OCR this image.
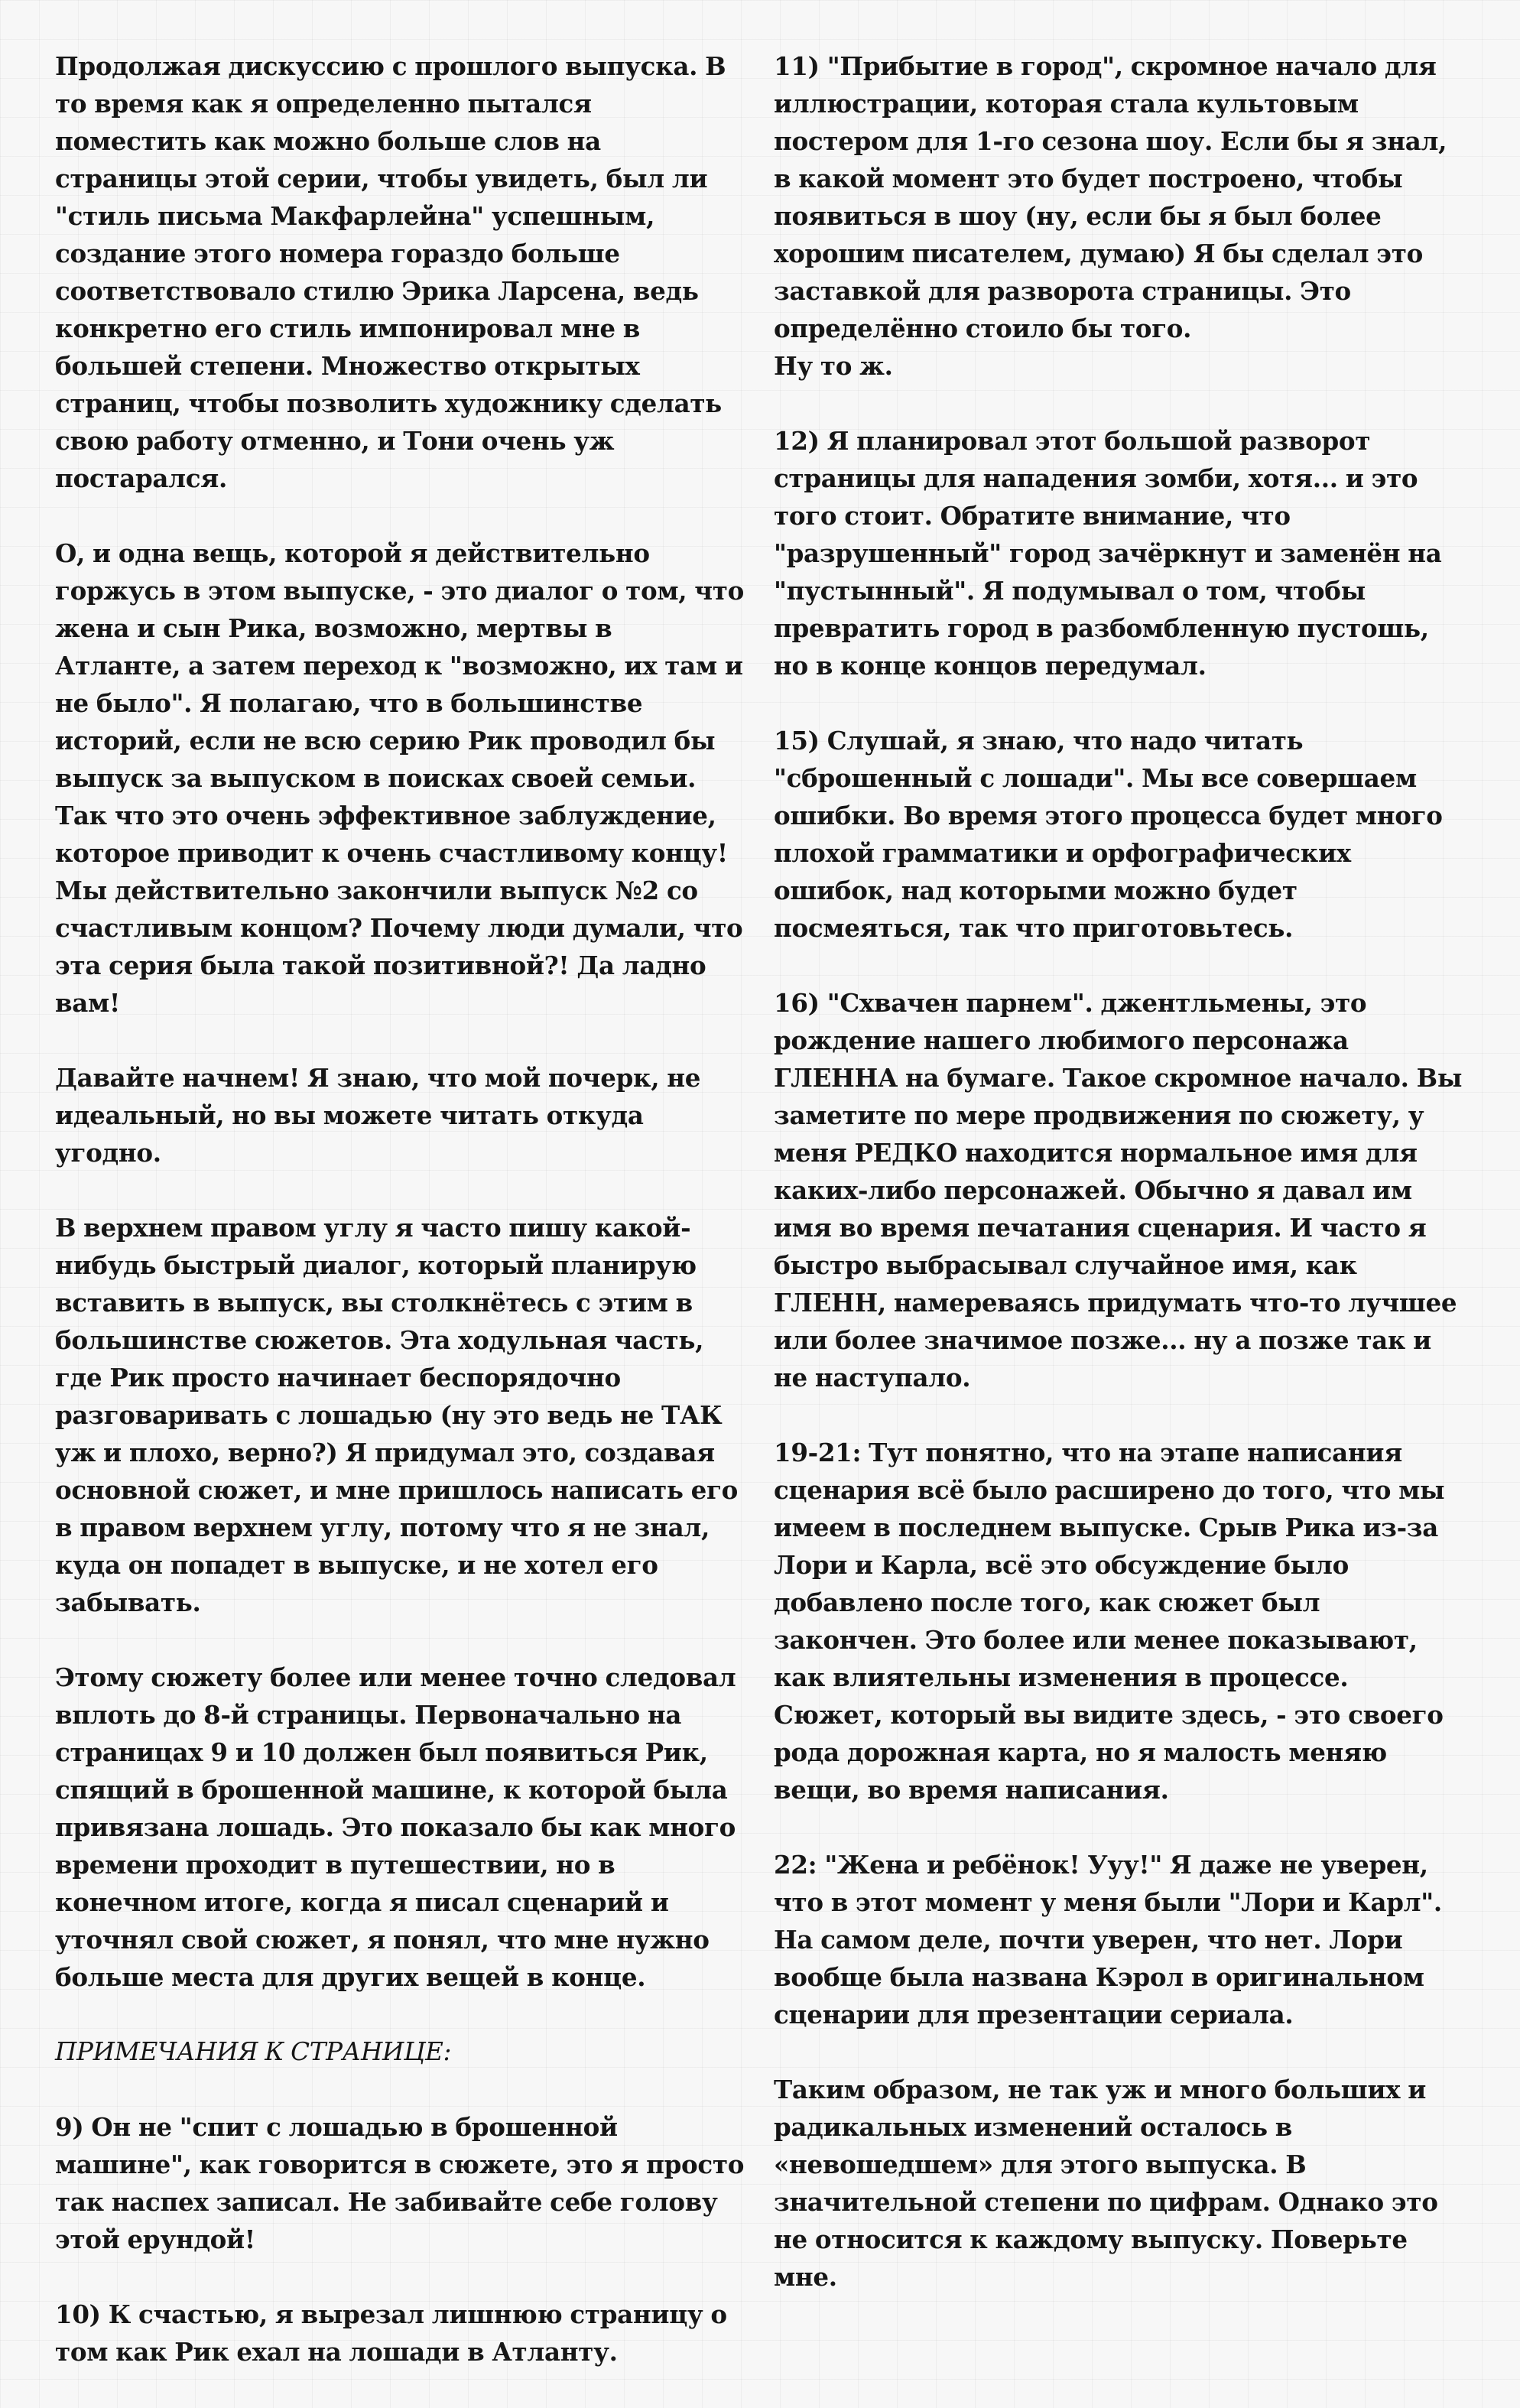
Продолжая дискуссию с прошлого выпуска. В то время как я определенно пытался поместить как можно больше слов на страницы этой серии, чтобы увидеть, был ли "стиль письма Макфарлейна" успешным, создание этого номера гораздо больше соответствовало стилю Эрика Ларсена, ведь конкретно его стиль импонировал мне в большей степени. Множество открытых страниц, чтобы позволить художнику сделать свою работу отменно, и Тони очень уж постарался.

О, и одна вещь, которой я действительно горжусь в этом выпуске, - это диалог о том, что жена и сын Рика, возможно, мертвы в Атланте, а затем переход к "возможно, их там и не было". Я полагаю, что в большинстве историй, если не всю серию Рик проводил бы выпуск за выпуском в поисках своей семьи. Так что это очень эффективное заблуждение, которое приводит к очень счастливому концу! Мы действительно закончили выпуск №2 со счастливым концом? Почему люди думали, что эта серия была такой позитивной?! Да ладно вам!

Давайте начнем! Я знаю, что мой почерк, не идеальный, но вы можете читать откуда угодно.

В верхнем правом углу я часто пишу какой-нибудь быстрый диалог, который планирую вставить в выпуск, вы столкнётесь с этим в большинстве сюжетов. Эта ходульная часть, где Рик просто начинает беспорядочно разговаривать с лошадью (ну это ведь не ТАК уж и плохо, верно?) Я придумал это, создавая основной сюжет, и мне пришлось написать его в правом верхнем углу, потому что я не знал, куда он попадет в выпуске, и не хотел его забывать.

Этому сюжету более или менее точно следовал вплоть до 8-й страницы. Первоначально на страницах 9 и 10 должен был появиться Рик, спящий в брошенной машине, к которой была привязана лошадь. Это показало бы как много времени проходит в путешествии, но в конечном итоге, когда я писал сценарий и уточнял свой сюжет, я понял, что мне нужно больше места для других вещей в конце.

ПРИМЕЧАНИЯ К СТРАНИЦЕ:

9) Он не "спит с лошадью в брошенной машине", как говорится в сюжете, это я просто так наспех записал. Не забивайте себе голову этой ерундой!

10) К счастью, я вырезал лишнюю страницу о том как Рик ехал на лошади в Атланту.

11) "Прибытие в город", скромное начало для иллюстрации, которая стала культовым постером для 1-го сезона шоу. Если бы я знал, в какой момент это будет построено, чтобы появиться в шоу (ну, если бы я был более хорошим писателем, думаю) Я бы сделал это заставкой для разворота страницы. Это определённо стоило бы того.
Ну то ж.

12) Я планировал этот большой разворот страницы для нападения зомби, хотя... и это того стоит. Обратите внимание, что "разрушенный" город зачёркнут и заменён на "пустынный". Я подумывал о том, чтобы превратить город в разбомбленную пустошь, но в конце концов передумал.

15) Слушай, я знаю, что надо читать "сброшенный с лошади". Мы все совершаем ошибки. Во время этого процесса будет много плохой грамматики и орфографических ошибок, над которыми можно будет посмеяться, так что приготовьтесь.

16) "Схвачен парнем". джентльмены, это рождение нашего любимого персонажа ГЛЕННА на бумаге. Такое скромное начало. Вы заметите по мере продвижения по сюжету, у меня РЕДКО находится нормальное имя для каких-либо персонажей. Обычно я давал им имя во время печатания сценария. И часто я быстро выбрасывал случайное имя, как ГЛЕНН, намереваясь придумать что-то лучшее или более значимое позже... ну а позже так и не наступало.

19-21: Тут понятно, что на этапе написания сценария всё было расширено до того, что мы имеем в последнем выпуске. Срыв Рика из-за Лори и Карла, всё это обсуждение было добавлено после того, как сюжет был закончен. Это более или менее показывают, как влиятельны изменения в процессе. Сюжет, который вы видите здесь, - это своего рода дорожная карта, но я малость меняю вещи, во время написания.

22: "Жена и ребёнок! Ууу!" Я даже не уверен, что в этот момент у меня были "Лори и Карл". На самом деле, почти уверен, что нет. Лори вообще была названа Кэрол в оригинальном сценарии для презентации сериала.

Таким образом, не так уж и много больших и радикальных изменений осталось в «невошедшем» для этого выпуска. В значительной степени по цифрам. Однако это не относится к каждому выпуску. Поверьте мне.
